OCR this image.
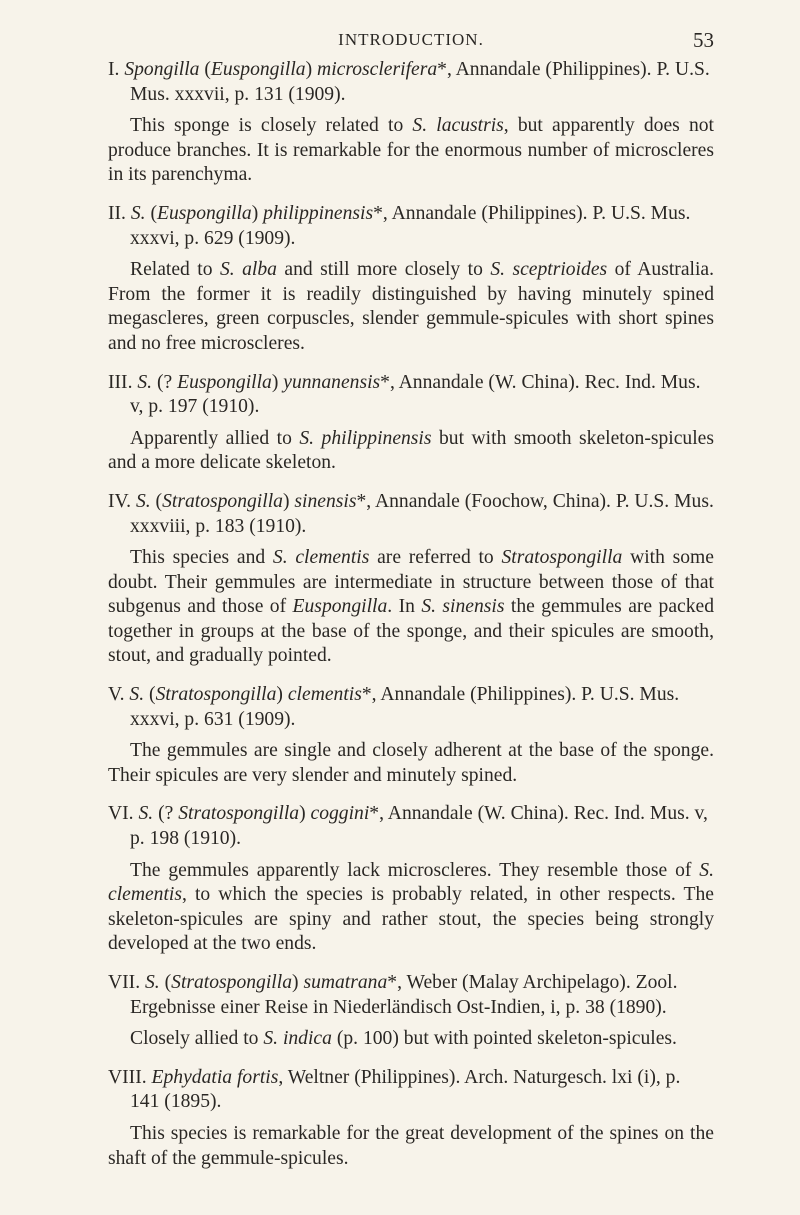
INTRODUCTION.	53

I. Spongilla (Euspongilla) microsclerifera*, Annandale (Philippines). P. U.S. Mus. xxxvii, p. 131 (1909).

This sponge is closely related to S. lacustris, but apparently does not produce branches. It is remarkable for the enormous number of microscleres in its parenchyma.

II. S. (Euspongilla) philippinensis*, Annandale (Philippines). P. U.S. Mus. xxxvi, p. 629 (1909).

Related to S. alba and still more closely to S. sceptrioides of Australia. From the former it is readily distinguished by having minutely spined megascleres, green corpuscles, slender gemmule-spicules with short spines and no free microscleres.

III. S. (? Euspongilla) yunnanensis*, Annandale (W. China). Rec. Ind. Mus. v, p. 197 (1910).

Apparently allied to S. philippinensis but with smooth skeleton-spicules and a more delicate skeleton.

IV. S. (Stratospongilla) sinensis*, Annandale (Foochow, China). P. U.S. Mus. xxxviii, p. 183 (1910).

This species and S. clementis are referred to Stratospongilla with some doubt. Their gemmules are intermediate in structure between those of that subgenus and those of Euspongilla. In S. sinensis the gemmules are packed together in groups at the base of the sponge, and their spicules are smooth, stout, and gradually pointed.

V. S. (Stratospongilla) clementis*, Annandale (Philippines). P. U.S. Mus. xxxvi, p. 631 (1909).

The gemmules are single and closely adherent at the base of the sponge. Their spicules are very slender and minutely spined.

VI. S. (? Stratospongilla) coggini*, Annandale (W. China). Rec. Ind. Mus. v, p. 198 (1910).

The gemmules apparently lack microscleres. They resemble those of S. clementis, to which the species is probably related, in other respects. The skeleton-spicules are spiny and rather stout, the species being strongly developed at the two ends.

VII. S. (Stratospongilla) sumatrana*, Weber (Malay Archipelago). Zool. Ergebnisse einer Reise in Niederländisch Ost-Indien, i, p. 38 (1890).

Closely allied to S. indica (p. 100) but with pointed skeleton-spicules.

VIII. Ephydatia fortis, Weltner (Philippines). Arch. Naturgesch. lxi (i), p. 141 (1895).

This species is remarkable for the great development of the spines on the shaft of the gemmule-spicules.
